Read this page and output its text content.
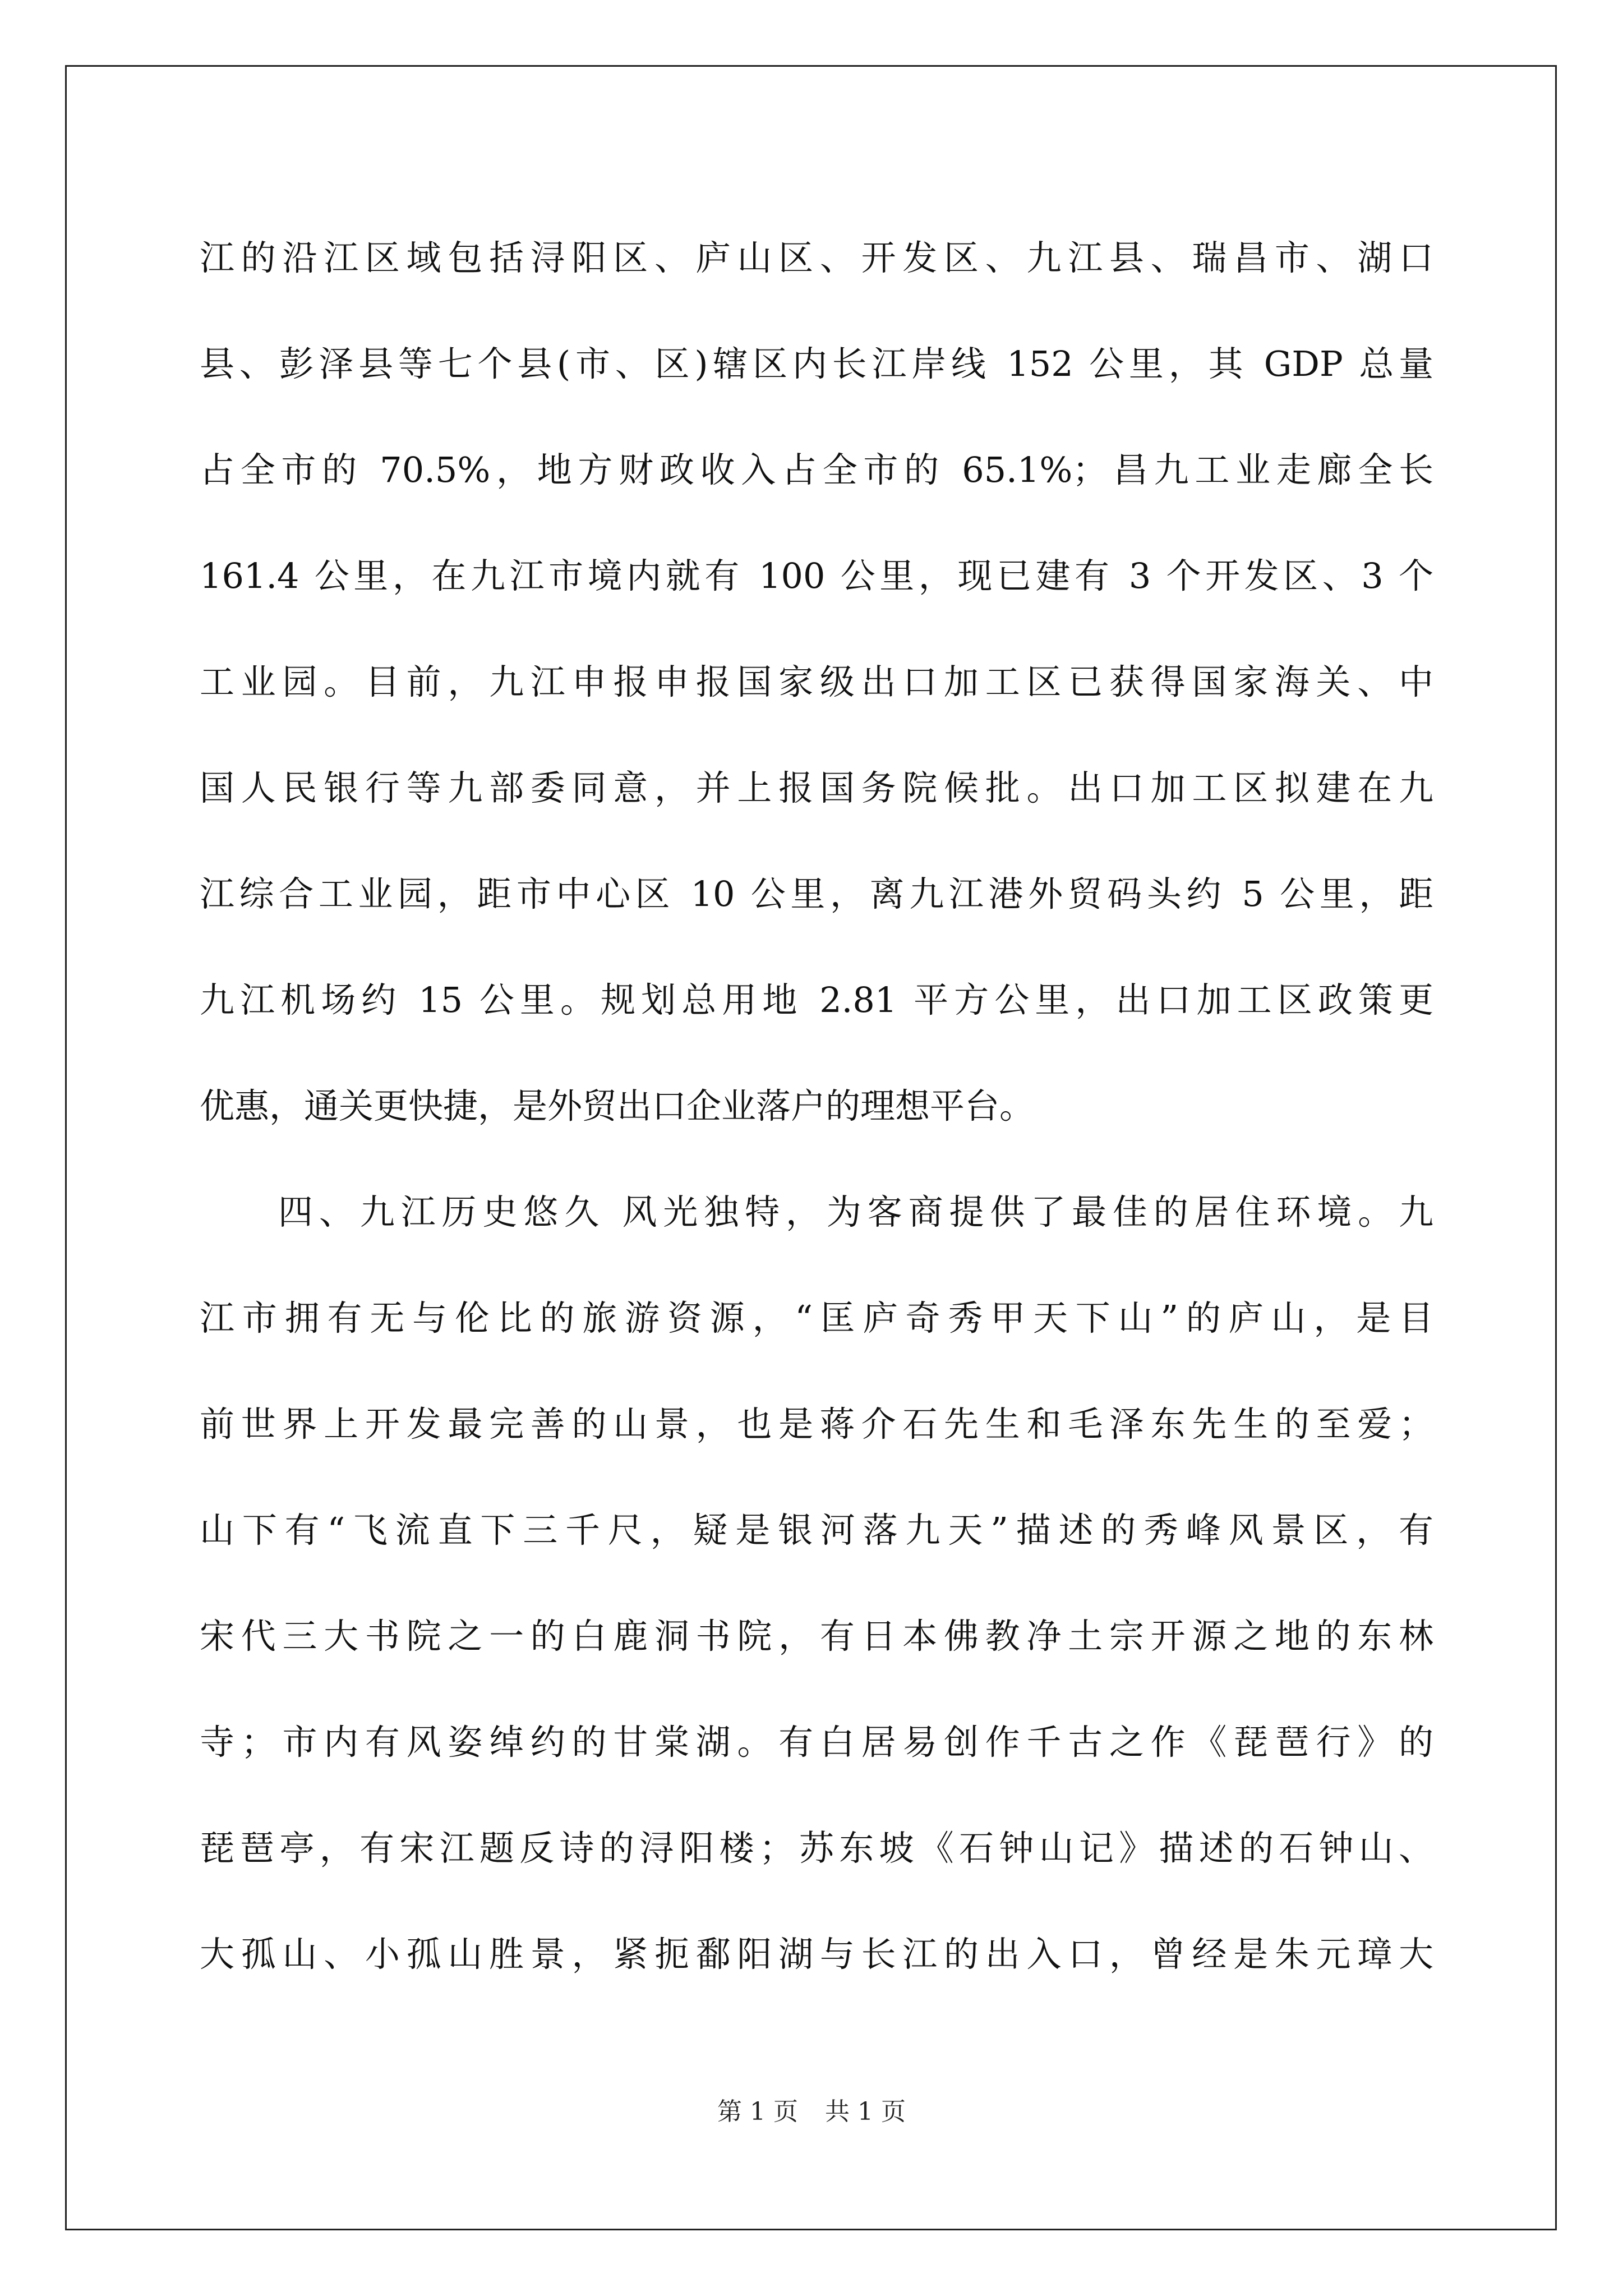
江的沿江区域包括浔阳区、庐山区、开发区、九江县、瑞昌市、湖口
县、彭泽县等七个县(市、区)辖区内长江岸线 152 公里，其 GDP 总量
占全市的 70.5%，地方财政收入占全市的 65.1%；昌九工业走廊全长
161.4 公里，在九江市境内就有 100 公里，现已建有 3 个开发区、3 个
工业园。目前，九江申报申报国家级出口加工区已获得国家海关、中
国人民银行等九部委同意，并上报国务院候批。出口加工区拟建在九
江综合工业园，距市中心区 10 公里，离九江港外贸码头约 5 公里，距
九江机场约 15 公里。规划总用地 2.81 平方公里，出口加工区政策更
优惠，通关更快捷，是外贸出口企业落户的理想平台。
四、九江历史悠久 风光独特，为客商提供了最佳的居住环境。九
江市拥有无与伦比的旅游资源，“匡庐奇秀甲天下山”的庐山，是目
前世界上开发最完善的山景，也是蒋介石先生和毛泽东先生的至爱；
山下有“飞流直下三千尺，疑是银河落九天”描述的秀峰风景区，有
宋代三大书院之一的白鹿洞书院，有日本佛教净土宗开源之地的东林
寺；市内有风姿绰约的甘棠湖。有白居易创作千古之作《琵琶行》的
琵琶亭，有宋江题反诗的浔阳楼；苏东坡《石钟山记》描述的石钟山、
大孤山、小孤山胜景，紧扼鄱阳湖与长江的出入口，曾经是朱元璋大
第 1 页 共 1 页
